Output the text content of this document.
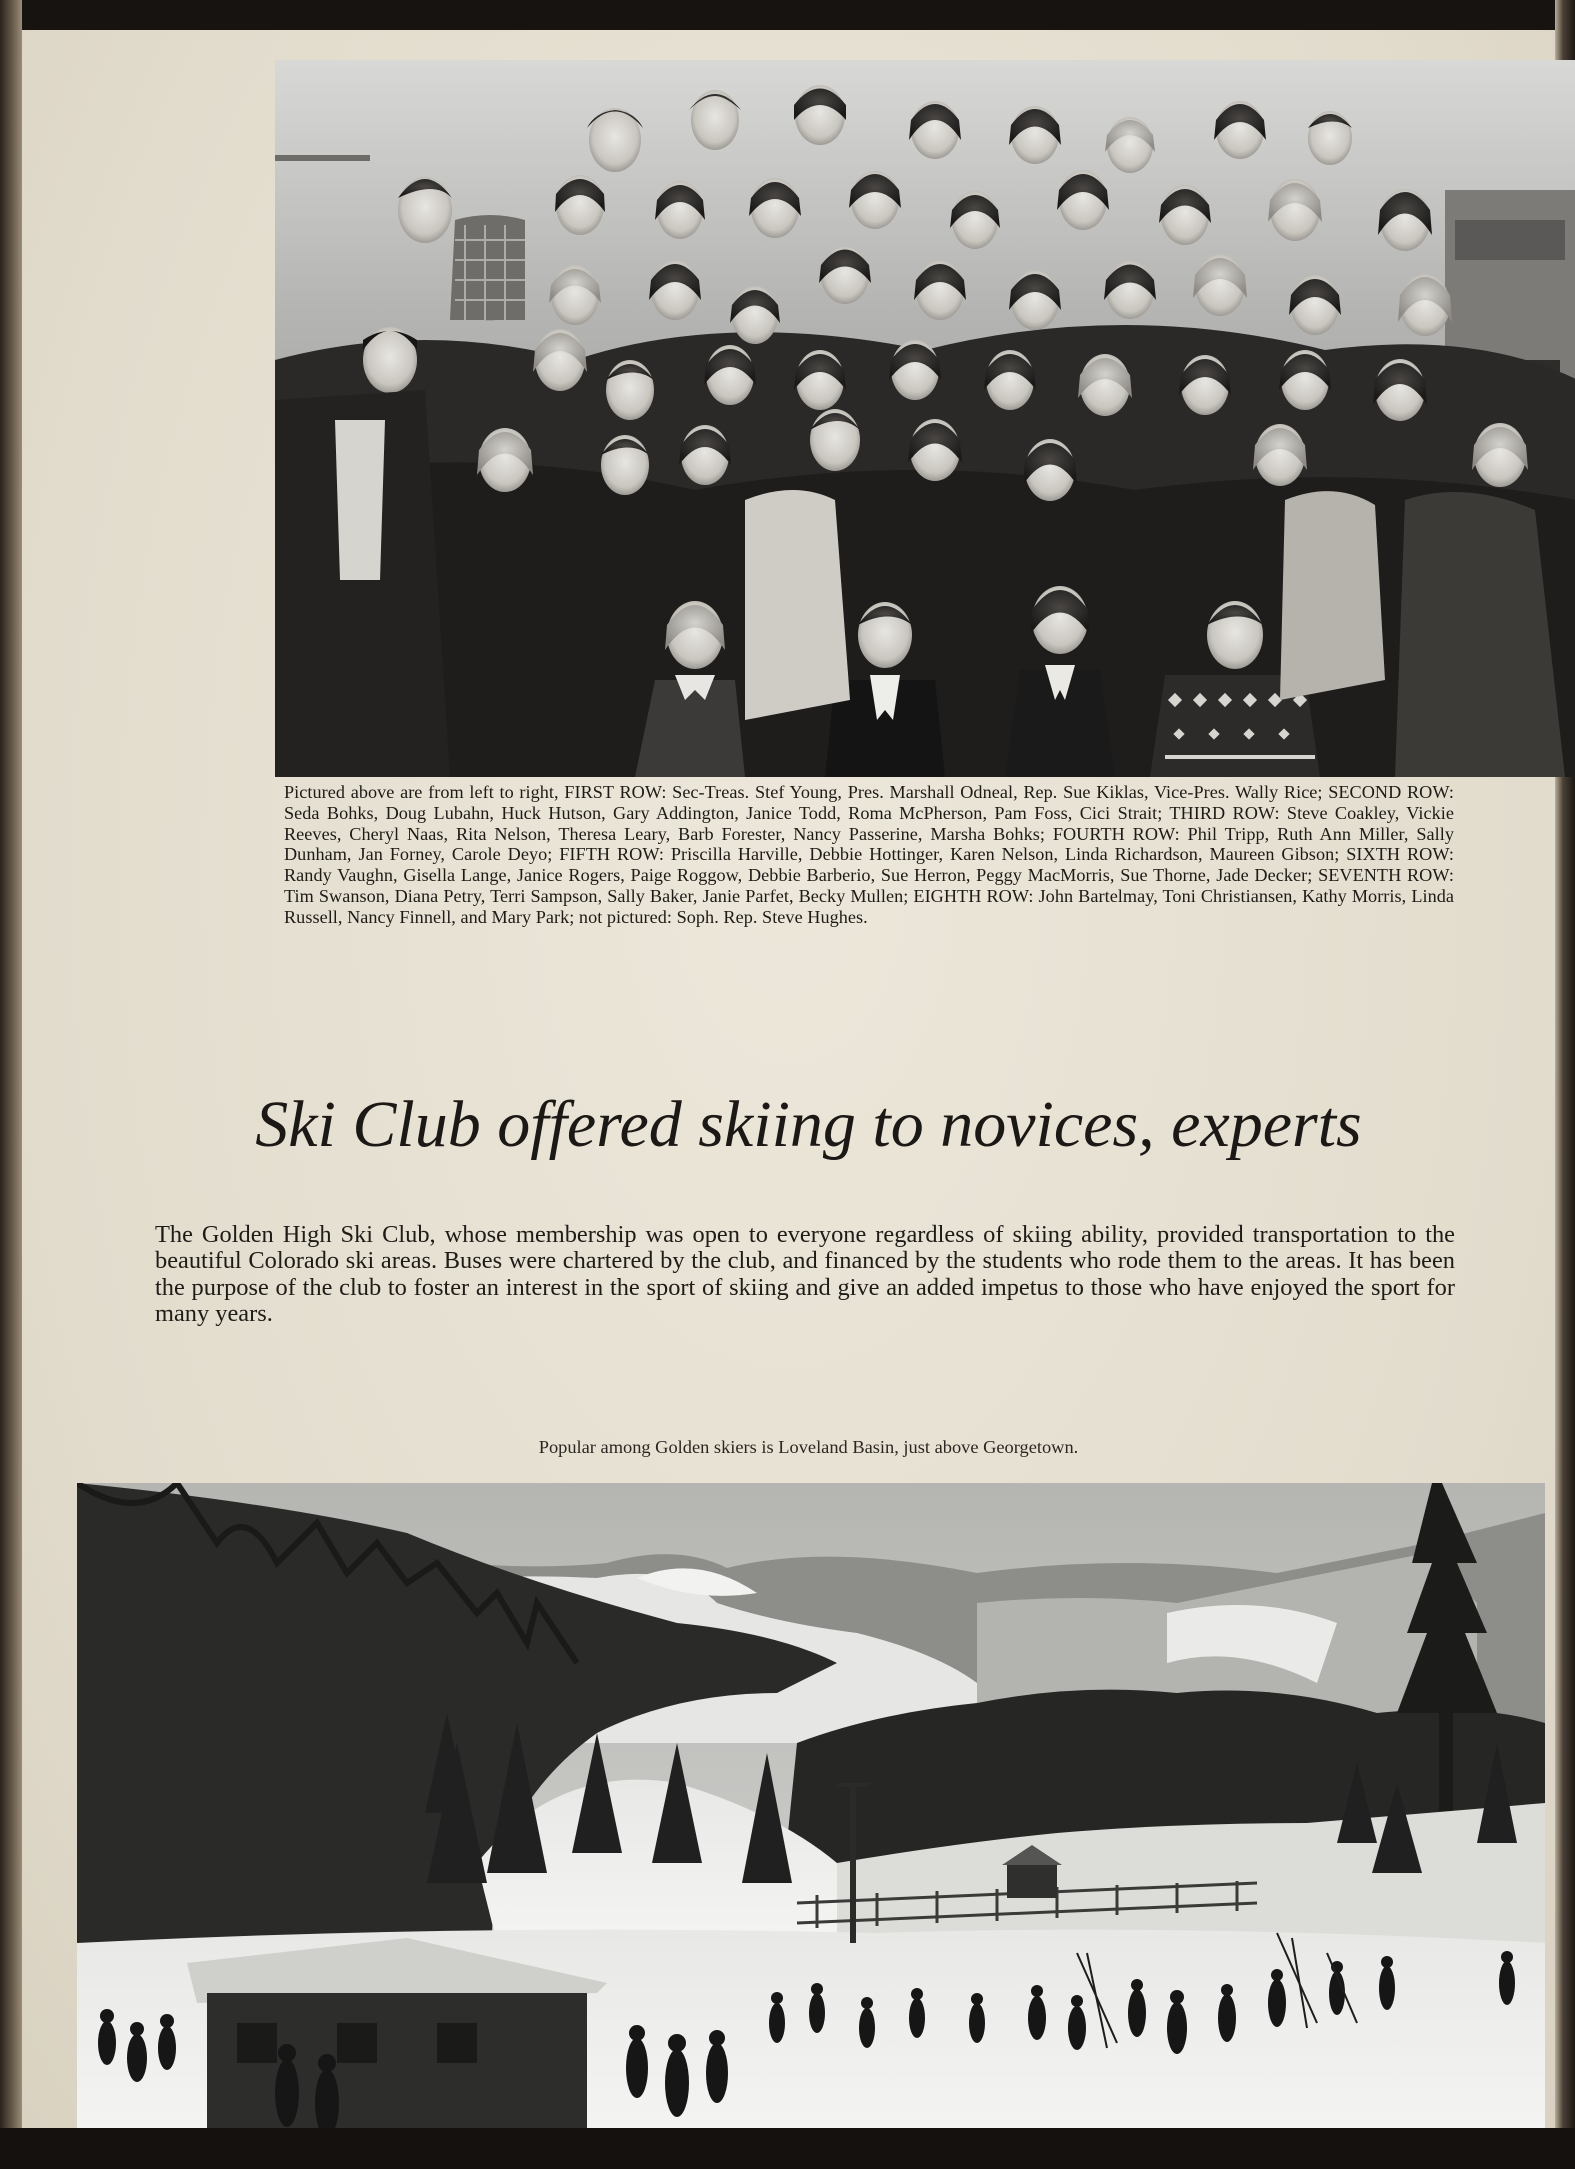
Pictured above are from left to right, FIRST ROW: Sec-Treas. Stef Young, Pres. Marshall Odneal, Rep. Sue Kiklas, Vice-Pres. Wally Rice; SECOND ROW: Seda Bohks, Doug Lubahn, Huck Hutson, Gary Addington, Janice Todd, Roma McPherson, Pam Foss, Cici Strait; THIRD ROW: Steve Coakley, Vickie Reeves, Cheryl Naas, Rita Nelson, Theresa Leary, Barb Forester, Nancy Passerine, Marsha Bohks; FOURTH ROW: Phil Tripp, Ruth Ann Miller, Sally Dunham, Jan Forney, Carole Deyo; FIFTH ROW: Priscilla Harville, Debbie Hottinger, Karen Nelson, Linda Richardson, Maureen Gibson; SIXTH ROW: Randy Vaughn, Gisella Lange, Janice Rogers, Paige Roggow, Debbie Barberio, Sue Herron, Peggy MacMorris, Sue Thorne, Jade Decker; SEVENTH ROW: Tim Swanson, Diana Petry, Terri Sampson, Sally Baker, Janie Parfet, Becky Mullen; EIGHTH ROW: John Bartelmay, Toni Christiansen, Kathy Morris, Linda Russell, Nancy Finnell, and Mary Park; not pictured: Soph. Rep. Steve Hughes.
Ski Club offered skiing to novices, experts
The Golden High Ski Club, whose membership was open to everyone regardless of skiing ability, provided transportation to the beautiful Colorado ski areas. Buses were chartered by the club, and financed by the students who rode them to the areas. It has been the purpose of the club to foster an interest in the sport of skiing and give an added impetus to those who have enjoyed the sport for many years.
Popular among Golden skiers is Loveland Basin, just above Georgetown.
